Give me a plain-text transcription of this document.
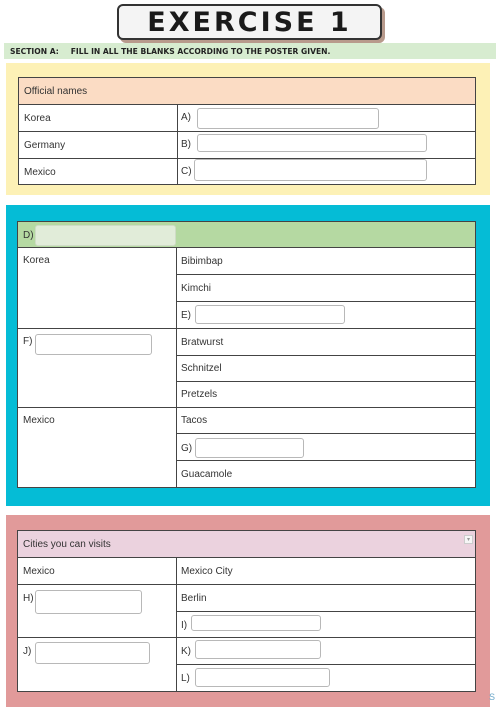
EXERCISE 1
SECTION A: FILL IN ALL THE BLANKS ACCORDING TO THE POSTER GIVEN.
Official names
Korea
Germany
Mexico
A)
B)
C)
Bibimbap
Kimchi
Bratwurst
Schnitzel
Pretzels
Tacos
Guacamole
Korea
Mexico
D)
E)
F)
G)
Cities you can visits
Mexico	Mexico City
Berlin
▾
H)
I)
J)	K)
L)
S
